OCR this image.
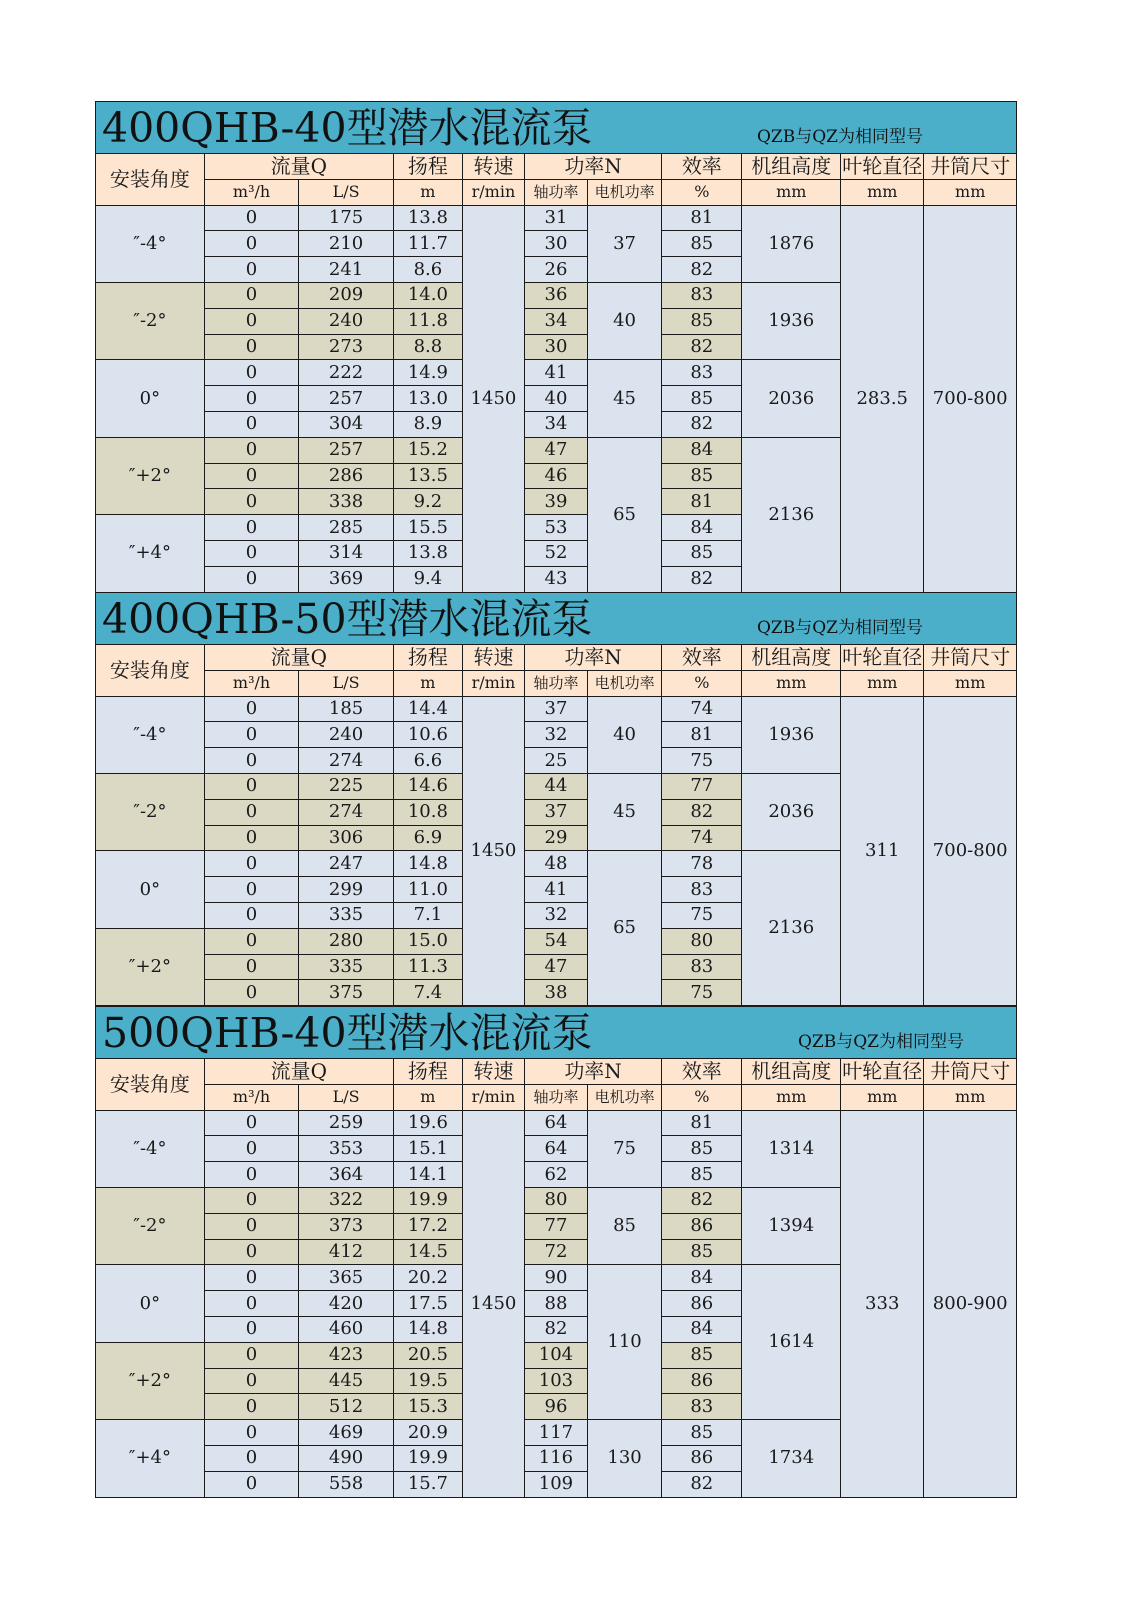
400QHB-40型潜水混流泵	QZB与QZ为相同型号
安装角度	流量Q		扬程	转速	功率N		效率	机组高度	叶轮直径	井筒尺寸
	m³/h	L/S	m	r/min	轴功率	电机功率	%	mm	mm	mm
″-4°	0	175	13.8	1450	31	37	81	1876	283.5	700-800
	0	210	11.7		30		85			
	0	241	8.6		26		82			
″-2°	0	209	14.0		36	40	83	1936		
	0	240	11.8		34		85			
	0	273	8.8		30		82			
0°	0	222	14.9		41	45	83	2036		
	0	257	13.0		40		85			
	0	304	8.9		34		82			
″+2°	0	257	15.2		47	65	84	2136		
	0	286	13.5		46		85			
	0	338	9.2		39		81			
″+4°	0	285	15.5		53		84			
	0	314	13.8		52		85			
	0	369	9.4		43		82			
400QHB-50型潜水混流泵	QZB与QZ为相同型号
安装角度	流量Q		扬程	转速	功率N		效率	机组高度	叶轮直径	井筒尺寸
	m³/h	L/S	m	r/min	轴功率	电机功率	%	mm	mm	mm
″-4°	0	185	14.4	1450	37	40	74	1936	311	700-800
	0	240	10.6		32		81			
	0	274	6.6		25		75			
″-2°	0	225	14.6		44	45	77	2036		
	0	274	10.8		37		82			
	0	306	6.9		29		74			
0°	0	247	14.8		48	65	78	2136		
	0	299	11.0		41		83			
	0	335	7.1		32		75			
″+2°	0	280	15.0		54		80			
	0	335	11.3		47		83			
	0	375	7.4		38		75			
500QHB-40型潜水混流泵	QZB与QZ为相同型号
安装角度	流量Q		扬程	转速	功率N		效率	机组高度	叶轮直径	井筒尺寸
	m³/h	L/S	m	r/min	轴功率	电机功率	%	mm	mm	mm
″-4°	0	259	19.6	1450	64	75	81	1314	333	800-900
	0	353	15.1		64		85			
	0	364	14.1		62		85			
″-2°	0	322	19.9		80	85	82	1394		
	0	373	17.2		77		86			
	0	412	14.5		72		85			
0°	0	365	20.2		90	110	84	1614		
	0	420	17.5		88		86			
	0	460	14.8		82		84			
″+2°	0	423	20.5		104		85			
	0	445	19.5		103		86			
	0	512	15.3		96		83			
″+4°	0	469	20.9		117	130	85	1734		
	0	490	19.9		116		86			
	0	558	15.7		109		82			
